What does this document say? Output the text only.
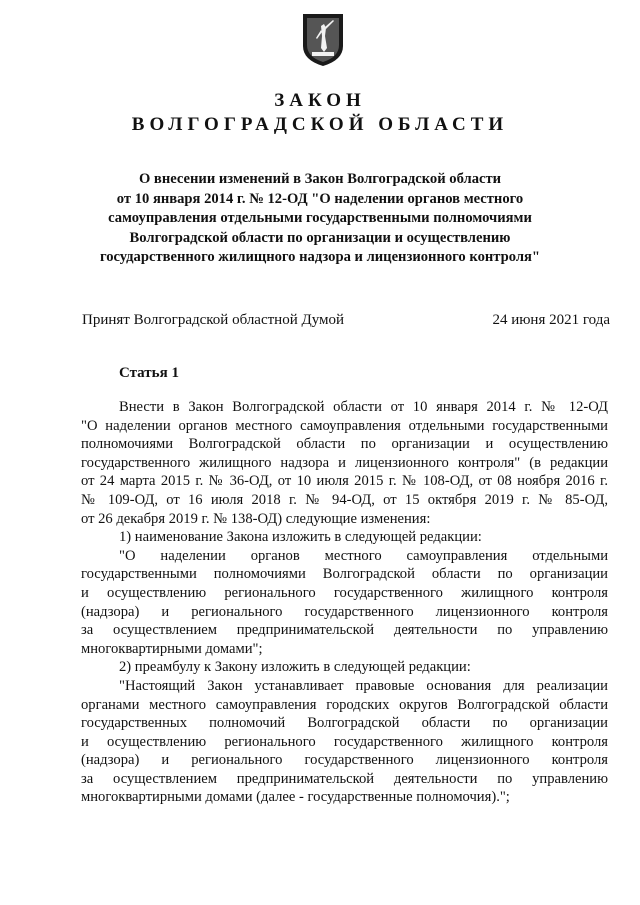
ЗАКОН
ВОЛГОГРАДСКОЙ ОБЛАСТИ
О внесении изменений в Закон Волгоградской области
от 10 января 2014 г. № 12-ОД "О наделении органов местного
самоуправления отдельными государственными полномочиями
Волгоградской области по организации и осуществлению
государственного жилищного надзора и лицензионного контроля"
Принят Волгоградской областной Думой	24 июня 2021 года
Статья 1
Внести в Закон Волгоградской области от 10 января 2014 г. № 12-ОД
"О наделении органов местного самоуправления отдельными государственными
полномочиями Волгоградской области по организации и осуществлению
государственного жилищного надзора и лицензионного контроля" (в редакции
от 24 марта 2015 г. № 36-ОД, от 10 июля 2015 г. № 108-ОД, от 08 ноября 2016 г.
№ 109-ОД, от 16 июля 2018 г. № 94-ОД, от 15 октября 2019 г. № 85-ОД,
от 26 декабря 2019 г. № 138-ОД) следующие изменения:
1) наименование Закона изложить в следующей редакции:
"О наделении органов местного самоуправления отдельными
государственными полномочиями Волгоградской области по организации
и осуществлению регионального государственного жилищного контроля
(надзора) и регионального государственного лицензионного контроля
за осуществлением предпринимательской деятельности по управлению
многоквартирными домами";
2) преамбулу к Закону изложить в следующей редакции:
"Настоящий Закон устанавливает правовые основания для реализации
органами местного самоуправления городских округов Волгоградской области
государственных полномочий Волгоградской области по организации
и осуществлению регионального государственного жилищного контроля
(надзора) и регионального государственного лицензионного контроля
за осуществлением предпринимательской деятельности по управлению
многоквартирными домами (далее - государственные полномочия).";
